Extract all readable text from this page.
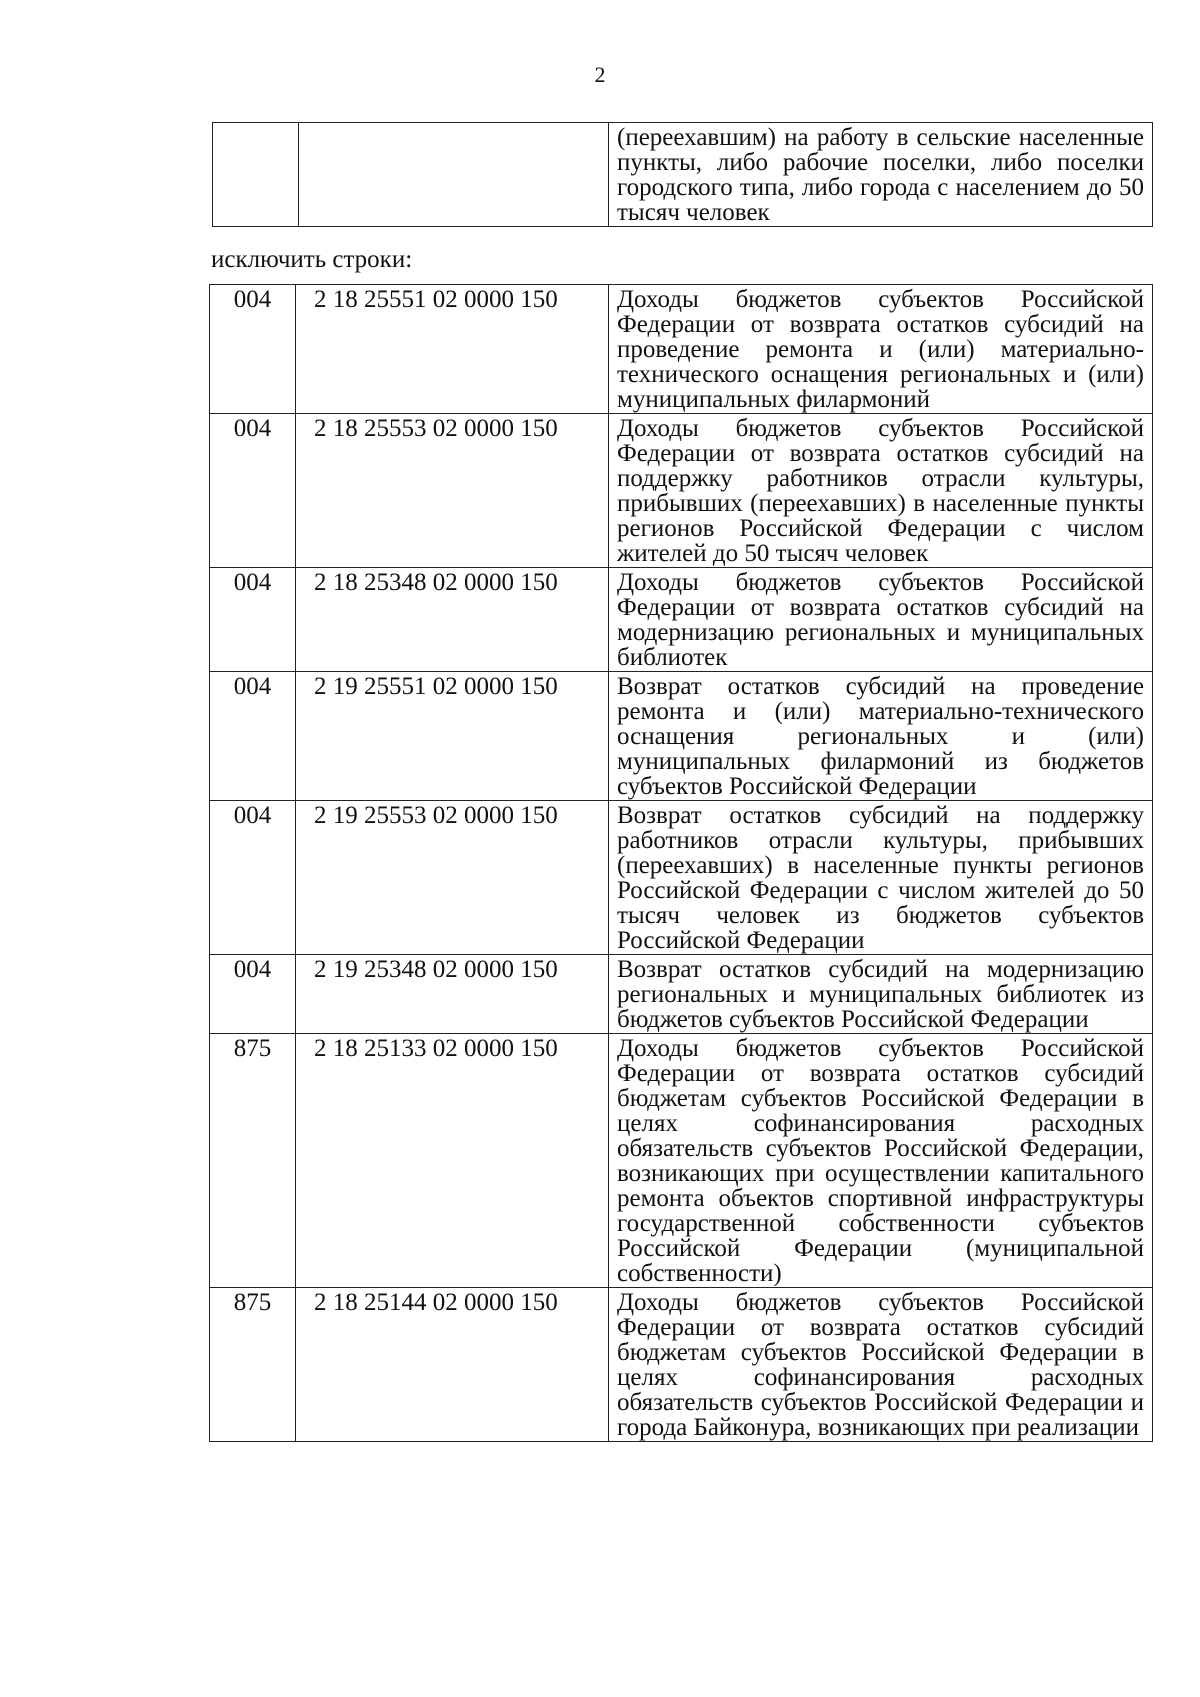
2
		(переехавшим) на работу в сельские населенные пункты, либо рабочие поселки, либо поселки городского типа, либо города с населением до 50 тысяч человек
исключить строки:
004	2 18 25551 02 0000 150	Доходы бюджетов субъектов Российской Федерации от возврата остатков субсидий на проведение ремонта и (или) материально-технического оснащения региональных и (или) муниципальных филармоний
004	2 18 25553 02 0000 150	Доходы бюджетов субъектов Российской Федерации от возврата остатков субсидий на поддержку работников отрасли культуры, прибывших (переехавших) в населенные пункты регионов Российской Федерации с числом жителей до 50 тысяч человек
004	2 18 25348 02 0000 150	Доходы бюджетов субъектов Российской Федерации от возврата остатков субсидий на модернизацию региональных и муниципальных библиотек
004	2 19 25551 02 0000 150	Возврат остатков субсидий на проведение ремонта и (или) материально-технического оснащения региональных и (или) муниципальных филармоний из бюджетов субъектов Российской Федерации
004	2 19 25553 02 0000 150	Возврат остатков субсидий на поддержку работников отрасли культуры, прибывших (переехавших) в населенные пункты регионов Российской Федерации с числом жителей до 50 тысяч человек из бюджетов субъектов Российской Федерации
004	2 19 25348 02 0000 150	Возврат остатков субсидий на модернизацию региональных и муниципальных библиотек из бюджетов субъектов Российской Федерации
875	2 18 25133 02 0000 150	Доходы бюджетов субъектов Российской Федерации от возврата остатков субсидий бюджетам субъектов Российской Федерации в целях софинансирования расходных обязательств субъектов Российской Федерации, возникающих при осуществлении капитального ремонта объектов спортивной инфраструктуры государственной собственности субъектов Российской Федерации (муниципальной собственности)
875	2 18 25144 02 0000 150	Доходы бюджетов субъектов Российской Федерации от возврата остатков субсидий бюджетам субъектов Российской Федерации в целях софинансирования расходных обязательств субъектов Российской Федерации и города Байконура, возникающих при реализации
